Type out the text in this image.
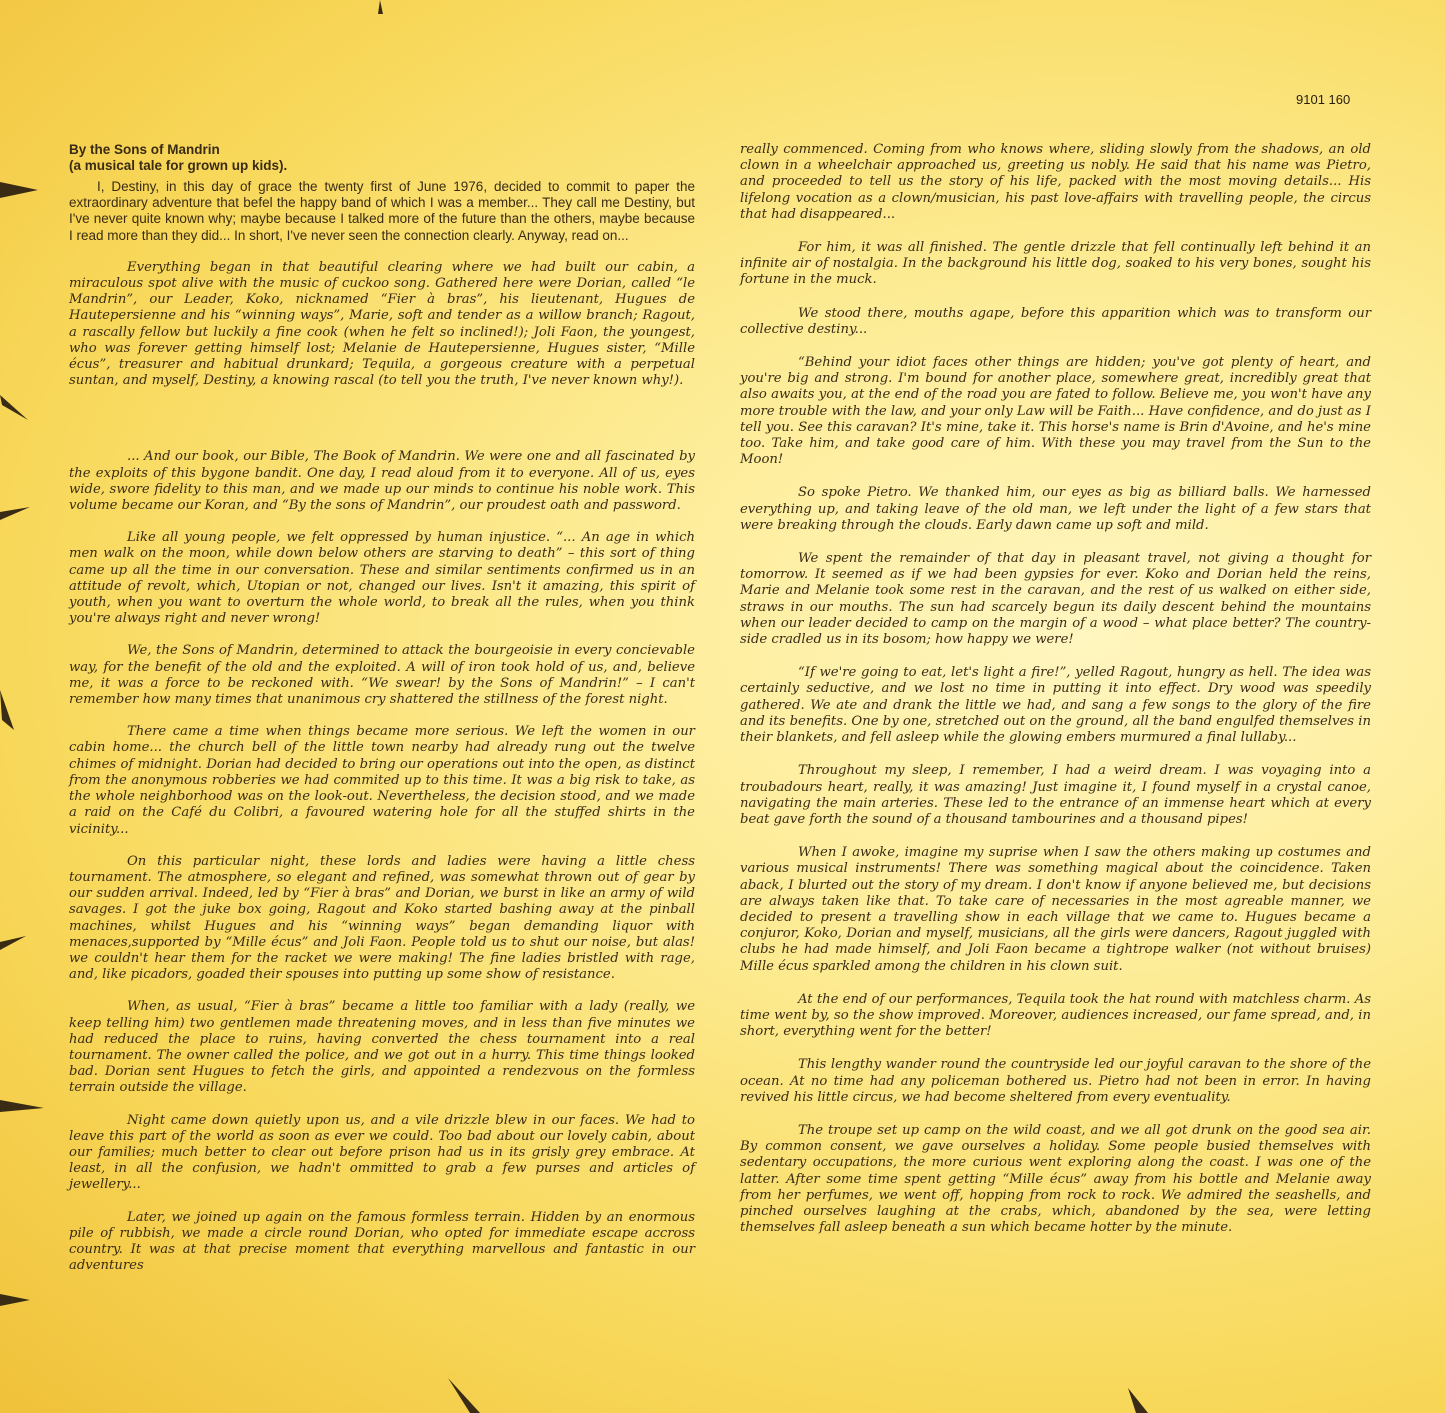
9101 160

By the Sons of Mandrin

(a musical tale for grown up kids).

I, Destiny, in this day of grace the twenty first of June 1976, decided to commit to paper the extraordinary adventure that befel the happy band of which I was a member... They call me Destiny, but I've never quite known why; maybe because I talked more of the future than the others, maybe because I read more than they did... In short, I've never seen the connection clearly. Anyway, read on...

Everything began in that beautiful clearing where we had built our cabin, a miraculous spot alive with the music of cuckoo song. Gathered here were Dorian, called “le Mandrin”, our Leader, Koko, nicknamed “Fier à bras”, his lieutenant, Hugues de Hautepersienne and his “winning ways”, Marie, soft and tender as a willow branch; Ragout, a rascally fellow but luckily a fine cook (when he felt so inclined!); Joli Faon, the youngest, who was forever getting himself lost; Melanie de Hautepersienne, Hugues sister, “Mille écus”, treasurer and habitual drunkard; Tequila, a gorgeous creature with a perpetual suntan, and myself, Destiny, a knowing rascal (to tell you the truth, I've never known why!).

... And our book, our Bible, The Book of Mandrin. We were one and all fascinated by the exploits of this bygone bandit. One day, I read aloud from it to everyone. All of us, eyes wide, swore fidelity to this man, and we made up our minds to continue his noble work. This volume became our Koran, and “By the sons of Mandrin”, our proudest oath and password.

Like all young people, we felt oppressed by human injustice. “... An age in which men walk on the moon, while down below others are starving to death” – this sort of thing came up all the time in our conversation. These and similar sentiments confirmed us in an attitude of revolt, which, Utopian or not, changed our lives. Isn't it amazing, this spirit of youth, when you want to overturn the whole world, to break all the rules, when you think you're always right and never wrong!

We, the Sons of Mandrin, determined to attack the bourgeoisie in every concievable way, for the benefit of the old and the exploited. A will of iron took hold of us, and, believe me, it was a force to be reckoned with. “We swear! by the Sons of Mandrin!” – I can't remember how many times that unanimous cry shattered the stillness of the forest night.

There came a time when things became more serious. We left the women in our cabin home... the church bell of the little town nearby had already rung out the twelve chimes of midnight. Dorian had decided to bring our operations out into the open, as distinct from the anonymous robberies we had commited up to this time. It was a big risk to take, as the whole neighborhood was on the look-out. Nevertheless, the decision stood, and we made a raid on the Café du Colibri, a favoured watering hole for all the stuffed shirts in the vicinity...

On this particular night, these lords and ladies were having a little chess tournament. The atmosphere, so elegant and refined, was somewhat thrown out of gear by our sudden arrival. Indeed, led by “Fier à bras” and Dorian, we burst in like an army of wild savages. I got the juke box going, Ragout and Koko started bashing away at the pinball machines, whilst Hugues and his “winning ways” began demanding liquor with menaces,supported by “Mille écus” and Joli Faon. People told us to shut our noise, but alas! we couldn't hear them for the racket we were making! The fine ladies bristled with rage, and, like picadors, goaded their spouses into putting up some show of resistance.

When, as usual, “Fier à bras” became a little too familiar with a lady (really, we keep telling him) two gentlemen made threatening moves, and in less than five minutes we had reduced the place to ruins, having converted the chess tournament into a real tournament. The owner called the police, and we got out in a hurry. This time things looked bad. Dorian sent Hugues to fetch the girls, and appointed a rendezvous on the formless terrain outside the village.

Night came down quietly upon us, and a vile drizzle blew in our faces. We had to leave this part of the world as soon as ever we could. Too bad about our lovely cabin, about our families; much better to clear out before prison had us in its grisly grey embrace. At least, in all the confusion, we hadn't ommitted to grab a few purses and articles of jewellery...

Later, we joined up again on the famous formless terrain. Hidden by an enormous pile of rubbish, we made a circle round Dorian, who opted for immediate escape accross country. It was at that precise moment that everything marvellous and fantastic in our adventures

really commenced. Coming from who knows where, sliding slowly from the shadows, an old clown in a wheelchair approached us, greeting us nobly. He said that his name was Pietro, and proceeded to tell us the story of his life, packed with the most moving details... His lifelong vocation as a clown/musician, his past love-affairs with travelling people, the circus that had disappeared...

For him, it was all finished. The gentle drizzle that fell continually left behind it an infinite air of nostalgia. In the background his little dog, soaked to his very bones, sought his fortune in the muck.

We stood there, mouths agape, before this apparition which was to transform our collective destiny...

“Behind your idiot faces other things are hidden; you've got plenty of heart, and you're big and strong. I'm bound for another place, somewhere great, incredibly great that also awaits you, at the end of the road you are fated to follow. Believe me, you won't have any more trouble with the law, and your only Law will be Faith... Have confidence, and do just as I tell you. See this caravan? It's mine, take it. This horse's name is Brin d'Avoine, and he's mine too. Take him, and take good care of him. With these you may travel from the Sun to the Moon!

So spoke Pietro. We thanked him, our eyes as big as billiard balls. We harnessed everything up, and taking leave of the old man, we left under the light of a few stars that were breaking through the clouds. Early dawn came up soft and mild.

We spent the remainder of that day in pleasant travel, not giving a thought for tomorrow. It seemed as if we had been gypsies for ever. Koko and Dorian held the reins, Marie and Melanie took some rest in the caravan, and the rest of us walked on either side, straws in our mouths. The sun had scarcely begun its daily descent behind the mountains when our leader decided to camp on the margin of a wood – what place better? The country-side cradled us in its bosom; how happy we were!

“If we're going to eat, let's light a fire!”, yelled Ragout, hungry as hell. The idea was certainly seductive, and we lost no time in putting it into effect. Dry wood was speedily gathered. We ate and drank the little we had, and sang a few songs to the glory of the fire and its benefits. One by one, stretched out on the ground, all the band engulfed themselves in their blankets, and fell asleep while the glowing embers murmured a final lullaby...

Throughout my sleep, I remember, I had a weird dream. I was voyaging into a troubadours heart, really, it was amazing! Just imagine it, I found myself in a crystal canoe, navigating the main arteries. These led to the entrance of an immense heart which at every beat gave forth the sound of a thousand tambourines and a thousand pipes!

When I awoke, imagine my suprise when I saw the others making up costumes and various musical instruments! There was something magical about the coincidence. Taken aback, I blurted out the story of my dream. I don't know if anyone believed me, but decisions are always taken like that. To take care of necessaries in the most agreable manner, we decided to present a travelling show in each village that we came to. Hugues became a conjuror, Koko, Dorian and myself, musicians, all the girls were dancers, Ragout juggled with clubs he had made himself, and Joli Faon became a tightrope walker (not without bruises) Mille écus sparkled among the children in his clown suit.

At the end of our performances, Tequila took the hat round with matchless charm. As time went by, so the show improved. Moreover, audiences increased, our fame spread, and, in short, everything went for the better!

This lengthy wander round the countryside led our joyful caravan to the shore of the ocean. At no time had any policeman bothered us. Pietro had not been in error. In having revived his little circus, we had become sheltered from every eventuality.

The troupe set up camp on the wild coast, and we all got drunk on the good sea air. By common consent, we gave ourselves a holiday. Some people busied themselves with sedentary occupations, the more curious went exploring along the coast. I was one of the latter. After some time spent getting “Mille écus” away from his bottle and Melanie away from her perfumes, we went off, hopping from rock to rock. We admired the seashells, and pinched ourselves laughing at the crabs, which, abandoned by the sea, were letting themselves fall asleep beneath a sun which became hotter by the minute.
